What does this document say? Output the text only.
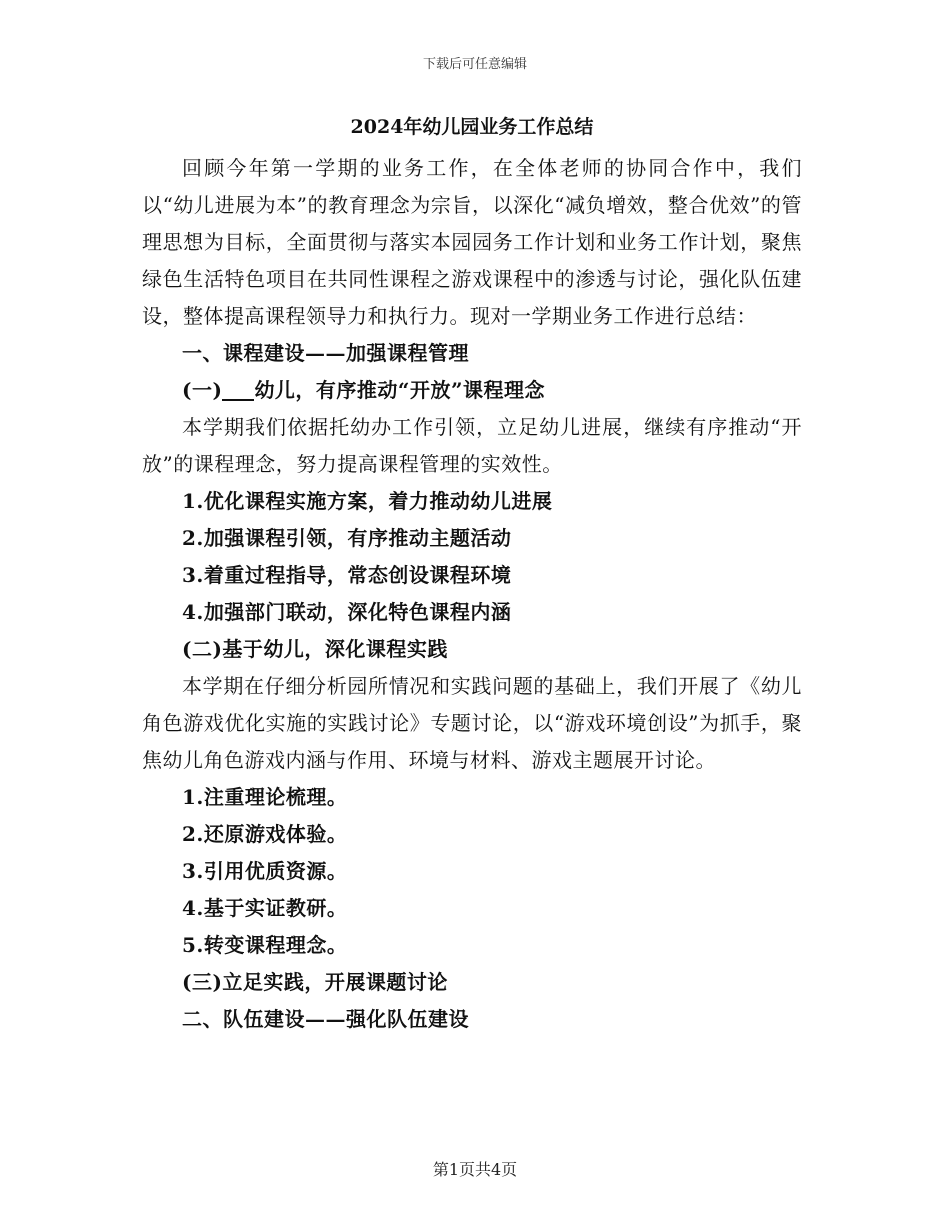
下载后可任意编辑
2024年幼儿园业务工作总结

回顾今年第一学期的业务工作，在全体老师的协同合作中，我们以“幼儿进展为本”的教育理念为宗旨，以深化“减负增效，整合优效”的管理思想为目标，全面贯彻与落实本园园务工作计划和业务工作计划，聚焦绿色生活特色项目在共同性课程之游戏课程中的渗透与讨论，强化队伍建设，整体提高课程领导力和执行力。现对一学期业务工作进行总结：

一、课程建设——加强课程管理
(一) 幼儿，有序推动“开放”课程理念

本学期我们依据托幼办工作引领，立足幼儿进展，继续有序推动“开放”的课程理念，努力提高课程管理的实效性。

1.优化课程实施方案，着力推动幼儿进展
2.加强课程引领，有序推动主题活动
3.着重过程指导，常态创设课程环境
4.加强部门联动，深化特色课程内涵
(二)基于幼儿，深化课程实践

本学期在仔细分析园所情况和实践问题的基础上，我们开展了《幼儿角色游戏优化实施的实践讨论》专题讨论，以“游戏环境创设”为抓手，聚焦幼儿角色游戏内涵与作用、环境与材料、游戏主题展开讨论。

1.注重理论梳理。
2.还原游戏体验。
3.引用优质资源。
4.基于实证教研。
5.转变课程理念。
(三)立足实践，开展课题讨论
二、队伍建设——强化队伍建设
第1页共4页
